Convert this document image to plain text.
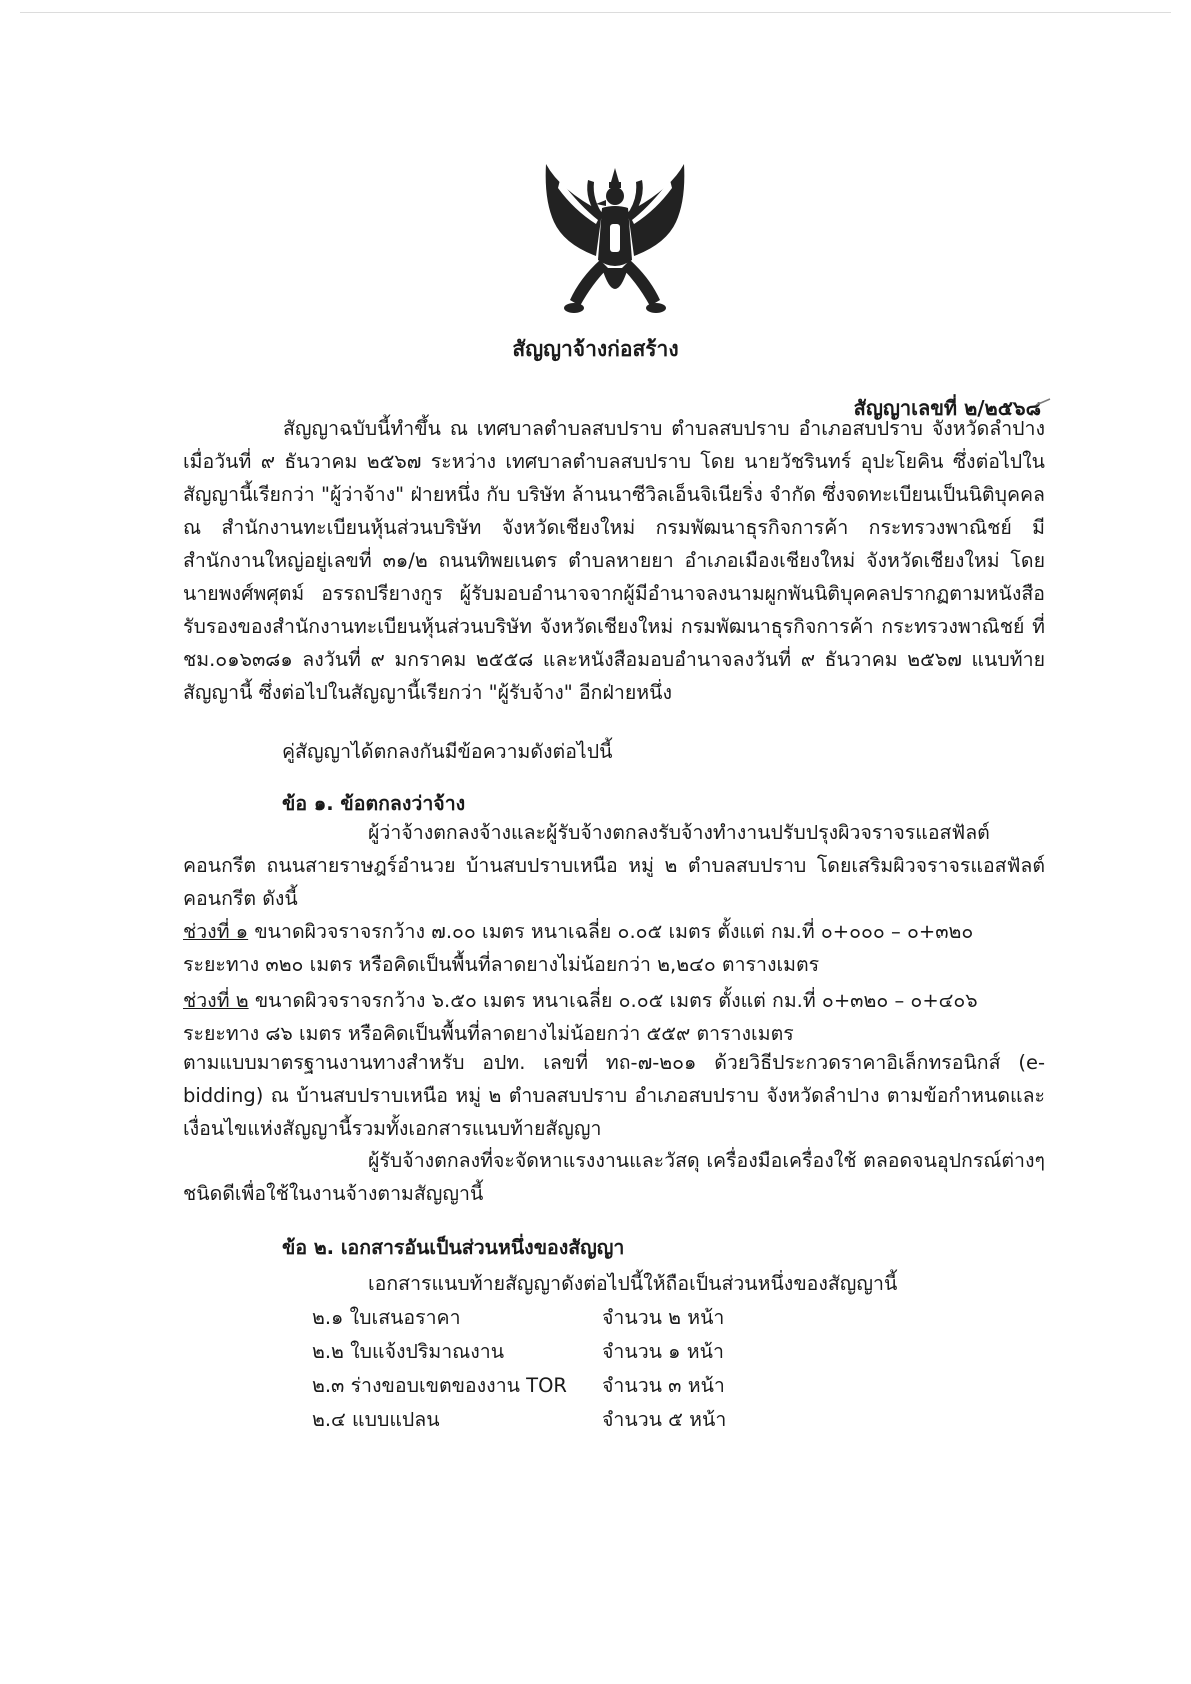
สัญญาจ้างก่อสร้าง
สัญญาเลขที่ ๒/๒๕๖๘

สัญญาฉบับนี้ทำขึ้น ณ เทศบาลตำบลสบปราบ ตำบลสบปราบ อำเภอสบปราบ จังหวัดลำปาง เมื่อวันที่ ๙ ธันวาคม ๒๕๖๗ ระหว่าง เทศบาลตำบลสบปราบ โดย นายวัชรินทร์ อุปะโยคิน ซึ่งต่อไปในสัญญานี้เรียกว่า "ผู้ว่าจ้าง" ฝ่ายหนึ่ง กับ บริษัท ล้านนาซีวิลเอ็นจิเนียริ่ง จำกัด ซึ่งจดทะเบียนเป็นนิติบุคคล ณ สำนักงานทะเบียนหุ้นส่วนบริษัท จังหวัดเชียงใหม่ กรมพัฒนาธุรกิจการค้า กระทรวงพาณิชย์ มีสำนักงานใหญ่อยู่เลขที่ ๓๑/๒ ถนนทิพยเนตร ตำบลหายยา อำเภอเมืองเชียงใหม่ จังหวัดเชียงใหม่ โดย นายพงศ์พศุตม์ อรรถปรียางกูร ผู้รับมอบอำนาจจากผู้มีอำนาจลงนามผูกพันนิติบุคคลปรากฏตามหนังสือรับรองของสำนักงานทะเบียนหุ้นส่วนบริษัท จังหวัดเชียงใหม่ กรมพัฒนาธุรกิจการค้า กระทรวงพาณิชย์ ที่ ชม.๐๑๖๓๘๑ ลงวันที่ ๙ มกราคม ๒๕๕๘ และหนังสือมอบอำนาจลงวันที่ ๙ ธันวาคม ๒๕๖๗ แนบท้ายสัญญานี้ ซึ่งต่อไปในสัญญานี้เรียกว่า "ผู้รับจ้าง" อีกฝ่ายหนึ่ง

คู่สัญญาได้ตกลงกันมีข้อความดังต่อไปนี้
ข้อ ๑. ข้อตกลงว่าจ้าง

ผู้ว่าจ้างตกลงจ้างและผู้รับจ้างตกลงรับจ้างทำงานปรับปรุงผิวจราจรแอสฟัลต์คอนกรีต ถนนสายราษฎร์อำนวย บ้านสบปราบเหนือ หมู่ ๒ ตำบลสบปราบ โดยเสริมผิวจราจรแอสฟัลต์คอนกรีต ดังนี้

ช่วงที่ ๑ ขนาดผิวจราจรกว้าง ๗.๐๐ เมตร หนาเฉลี่ย ๐.๐๕ เมตร ตั้งแต่ กม.ที่ ๐+๐๐๐ – ๐+๓๒๐
ระยะทาง ๓๒๐ เมตร หรือคิดเป็นพื้นที่ลาดยางไม่น้อยกว่า ๒,๒๔๐ ตารางเมตร
ช่วงที่ ๒ ขนาดผิวจราจรกว้าง ๖.๕๐ เมตร หนาเฉลี่ย ๐.๐๕ เมตร ตั้งแต่ กม.ที่ ๐+๓๒๐ – ๐+๔๐๖
ระยะทาง ๘๖ เมตร หรือคิดเป็นพื้นที่ลาดยางไม่น้อยกว่า ๕๕๙ ตารางเมตร

ตามแบบมาตรฐานงานทางสำหรับ อปท. เลขที่ ทถ-๗-๒๐๑ ด้วยวิธีประกวดราคาอิเล็กทรอนิกส์ (e-bidding) ณ บ้านสบปราบเหนือ หมู่ ๒ ตำบลสบปราบ อำเภอสบปราบ จังหวัดลำปาง ตามข้อกำหนดและเงื่อนไขแห่งสัญญานี้รวมทั้งเอกสารแนบท้ายสัญญา

ผู้รับจ้างตกลงที่จะจัดหาแรงงานและวัสดุ เครื่องมือเครื่องใช้ ตลอดจนอุปกรณ์ต่างๆ ชนิดดีเพื่อใช้ในงานจ้างตามสัญญานี้

ข้อ ๒. เอกสารอันเป็นส่วนหนึ่งของสัญญา
เอกสารแนบท้ายสัญญาดังต่อไปนี้ให้ถือเป็นส่วนหนึ่งของสัญญานี้
๒.๑ ใบเสนอราคา	จำนวน ๒ หน้า
๒.๒ ใบแจ้งปริมาณงาน	จำนวน ๑ หน้า
๒.๓ ร่างขอบเขตของงาน TOR จำนวน ๓ หน้า
๒.๔ แบบแปลน	จำนวน ๕ หน้า
